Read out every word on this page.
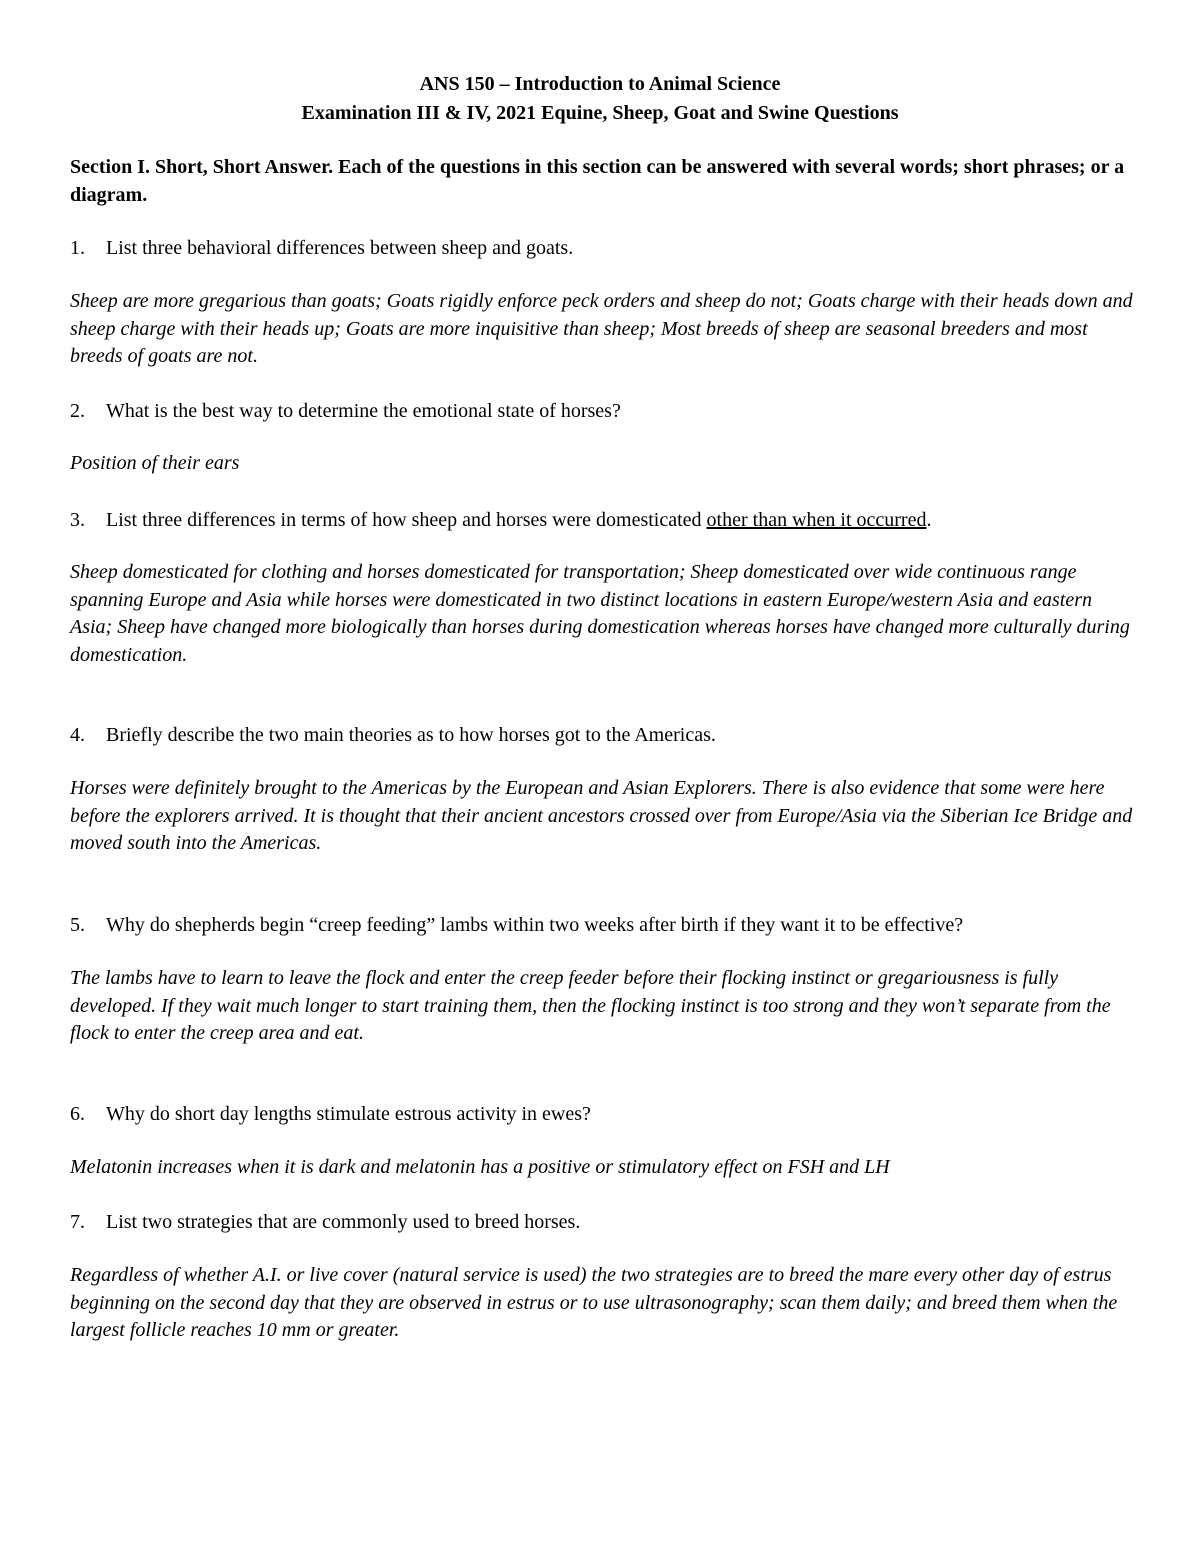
ANS 150 – Introduction to Animal Science
Examination III & IV, 2021 Equine, Sheep, Goat and Swine Questions
Section I. Short, Short Answer. Each of the questions in this section can be answered with several words; short phrases; or a diagram.
1. List three behavioral differences between sheep and goats.
Sheep are more gregarious than goats; Goats rigidly enforce peck orders and sheep do not; Goats charge with their heads down and sheep charge with their heads up; Goats are more inquisitive than sheep; Most breeds of sheep are seasonal breeders and most breeds of goats are not.
2. What is the best way to determine the emotional state of horses?
Position of their ears
3. List three differences in terms of how sheep and horses were domesticated other than when it occurred.
Sheep domesticated for clothing and horses domesticated for transportation; Sheep domesticated over wide continuous range spanning Europe and Asia while horses were domesticated in two distinct locations in eastern Europe/western Asia and eastern Asia; Sheep have changed more biologically than horses during domestication whereas horses have changed more culturally during domestication.
4. Briefly describe the two main theories as to how horses got to the Americas.
Horses were definitely brought to the Americas by the European and Asian Explorers. There is also evidence that some were here before the explorers arrived. It is thought that their ancient ancestors crossed over from Europe/Asia via the Siberian Ice Bridge and moved south into the Americas.
5. Why do shepherds begin “creep feeding” lambs within two weeks after birth if they want it to be effective?
The lambs have to learn to leave the flock and enter the creep feeder before their flocking instinct or gregariousness is fully developed. If they wait much longer to start training them, then the flocking instinct is too strong and they won’t separate from the flock to enter the creep area and eat.
6. Why do short day lengths stimulate estrous activity in ewes?
Melatonin increases when it is dark and melatonin has a positive or stimulatory effect on FSH and LH
7. List two strategies that are commonly used to breed horses.
Regardless of whether A.I. or live cover (natural service is used) the two strategies are to breed the mare every other day of estrus beginning on the second day that they are observed in estrus or to use ultrasonography; scan them daily; and breed them when the largest follicle reaches 10 mm or greater.
